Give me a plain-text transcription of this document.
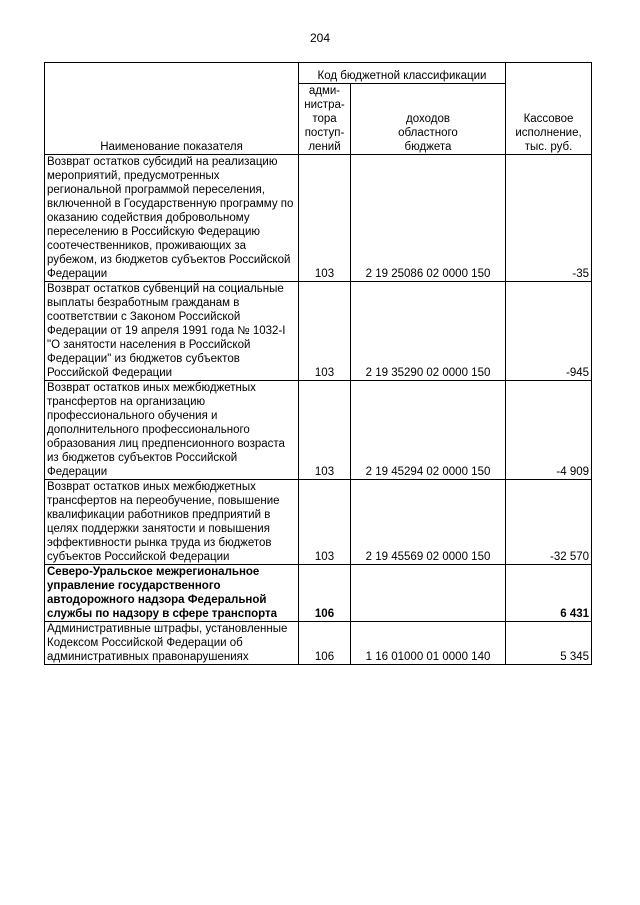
204
Наименование показателя	Код бюджетной классификации		Кассовое
исполнение,
тыс. руб.
	адми-
нистра-
тора
поступ-
лений	доходов
областного
бюджета	
Возврат остатков субсидий на реализацию мероприятий, предусмотренных региональной программой переселения, включенной в Государственную программу по оказанию содействия добровольному переселению в Российскую Федерацию соотечественников, проживающих за рубежом, из бюджетов субъектов Российской Федерации	103	2 19 25086 02 0000 150	-35
Возврат остатков субвенций на социальные выплаты безработным гражданам в соответствии с Законом Российской Федерации от 19 апреля 1991 года № 1032-I "О занятости населения в Российской Федерации" из бюджетов субъектов Российской Федерации	103	2 19 35290 02 0000 150	-945
Возврат остатков иных межбюджетных трансфертов на организацию профессионального обучения и дополнительного профессионального образования лиц предпенсионного возраста из бюджетов субъектов Российской Федерации	103	2 19 45294 02 0000 150	-4 909
Возврат остатков иных межбюджетных трансфертов на переобучение, повышение квалификации работников предприятий в целях поддержки занятости и повышения эффективности рынка труда из бюджетов субъектов Российской Федерации	103	2 19 45569 02 0000 150	-32 570
Северо-Уральское межрегиональное управление государственного автодорожного надзора Федеральной службы по надзору в сфере транспорта	106		6 431
Административные штрафы, установленные Кодексом Российской Федерации об административных правонарушениях	106	1 16 01000 01 0000 140	5 345
